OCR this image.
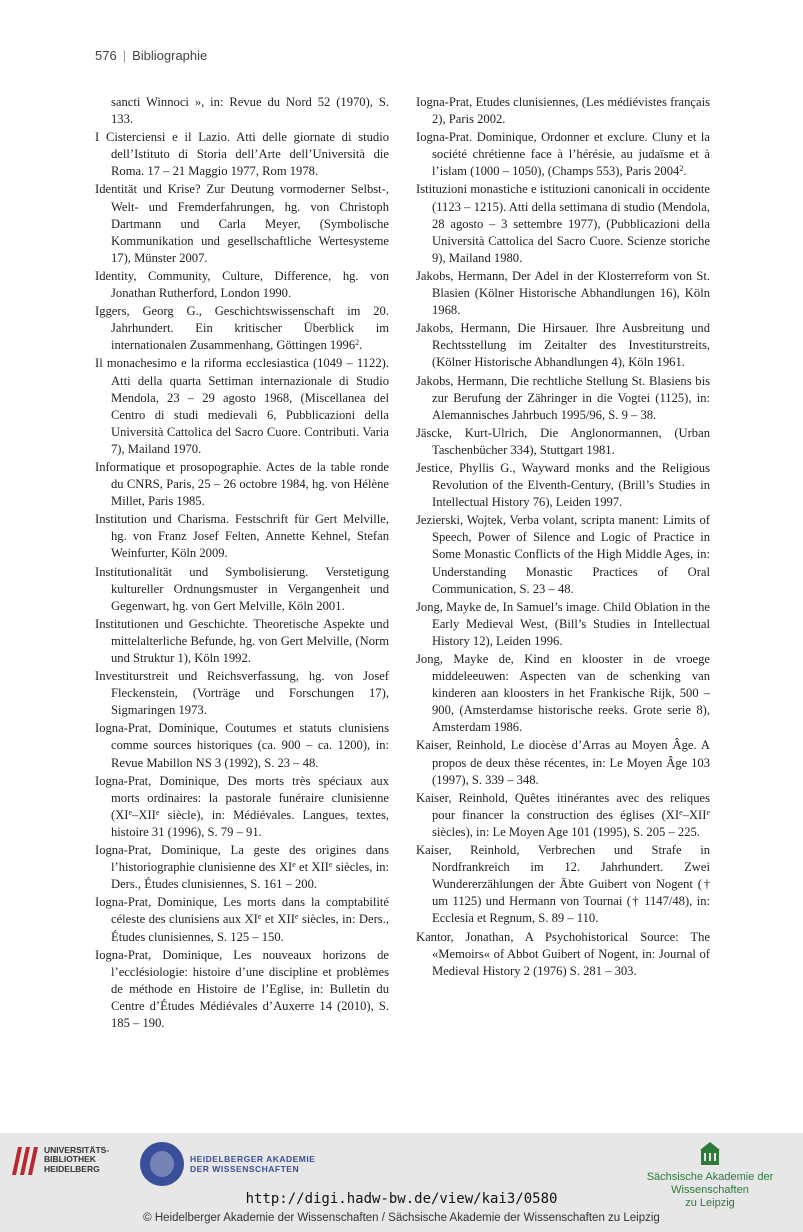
576 | Bibliographie

sancti Winnoci », in: Revue du Nord 52 (1970), S. 133.

I Cisterciensi e il Lazio. Atti delle giornate di studio dell’Istituto di Storia dell’Arte dell’Università die Roma. 17 – 21 Maggio 1977, Rom 1978.

Identität und Krise? Zur Deutung vormoderner Selbst-, Welt- und Fremderfahrungen, hg. von Christoph Dartmann und Carla Meyer, (Symbolische Kommunikation und gesellschaftliche Wertesysteme 17), Münster 2007.

Identity, Community, Culture, Difference, hg. von Jonathan Rutherford, London 1990.

Iggers, Georg G., Geschichtswissenschaft im 20. Jahrhundert. Ein kritischer Überblick im internationalen Zusammenhang, Göttingen 1996$^2$.

Il monachesimo e la riforma ecclesiastica (1049 – 1122). Atti della quarta Settiman internazionale di Studio Mendola, 23 – 29 agosto 1968, (Miscellanea del Centro di studi medievali 6, Pubblicazioni della Università Cattolica del Sacro Cuore. Contributi. Varia 7), Mailand 1970.

Informatique et prosopographie. Actes de la table ronde du CNRS, Paris, 25 – 26 octobre 1984, hg. von Hélène Millet, Paris 1985.

Institution und Charisma. Festschrift für Gert Melville, hg. von Franz Josef Felten, Annette Kehnel, Stefan Weinfurter, Köln 2009.

Institutionalität und Symbolisierung. Verstetigung kultureller Ordnungsmuster in Vergangenheit und Gegenwart, hg. von Gert Melville, Köln 2001.

Institutionen und Geschichte. Theoretische Aspekte und mittelalterliche Befunde, hg. von Gert Melville, (Norm und Struktur 1), Köln 1992.

Investiturstreit und Reichsverfassung, hg. von Josef Fleckenstein, (Vorträge und Forschungen 17), Sigmaringen 1973.

Iogna-Prat, Dominique, Coutumes et statuts clunisiens comme sources historiques (ca. 900 – ca. 1200), in: Revue Mabillon NS 3 (1992), S. 23 – 48.

Iogna-Prat, Dominique, Des morts très spéciaux aux morts ordinaires: la pastorale funéraire clunisienne (XIe–XIIe siècle), in: Médiévales. Langues, textes, histoire 31 (1996), S. 79 – 91.

Iogna-Prat, Dominique, La geste des origines dans l’historiographie clunisienne des XIe et XIIe siècles, in: Ders., Études clunisiennes, S. 161 – 200.

Iogna-Prat, Dominique, Les morts dans la comptabilité céleste des clunisiens aux XIe et XIIe siècles, in: Ders., Études clunisiennes, S. 125 – 150.

Iogna-Prat, Dominique, Les nouveaux horizons de l’ecclésiologie: histoire d’une discipline et problèmes de méthode en Histoire de l’Eglise, in: Bulletin du Centre d’Études Médiévales d’Auxerre 14 (2010), S. 185 – 190.

Iogna-Prat, Etudes clunisiennes, (Les médiévistes français 2), Paris 2002.

Iogna-Prat. Dominique, Ordonner et exclure. Cluny et la société chrétienne face à l’hérésie, au judaïsme et à l’islam (1000 – 1050), (Champs 553), Paris 2004$^2$.

Istituzioni monastiche e istituzioni canonicali in occidente (1123 – 1215). Atti della settimana di studio (Mendola, 28 agosto – 3 settembre 1977), (Pubblicazioni della Università Cattolica del Sacro Cuore. Scienze storiche 9), Mailand 1980.

Jakobs, Hermann, Der Adel in der Klosterreform von St. Blasien (Kölner Historische Abhandlungen 16), Köln 1968.

Jakobs, Hermann, Die Hirsauer. Ihre Ausbreitung und Rechtsstellung im Zeitalter des Investiturstreits, (Kölner Historische Abhandlungen 4), Köln 1961.

Jakobs, Hermann, Die rechtliche Stellung St. Blasiens bis zur Berufung der Zähringer in die Vogtei (1125), in: Alemannisches Jahrbuch 1995/96, S. 9 – 38.

Jäscke, Kurt-Ulrich, Die Anglonormannen, (Urban Taschenbücher 334), Stuttgart 1981.

Jestice, Phyllis G., Wayward monks and the Religious Revolution of the Elventh-Century, (Brill’s Studies in Intellectual History 76), Leiden 1997.

Jezierski, Wojtek, Verba volant, scripta manent: Limits of Speech, Power of Silence and Logic of Practice in Some Monastic Conflicts of the High Middle Ages, in: Understanding Monastic Practices of Oral Communication, S. 23 – 48.

Jong, Mayke de, In Samuel’s image. Child Oblation in the Early Medieval West, (Bill’s Studies in Intellectual History 12), Leiden 1996.

Jong, Mayke de, Kind en klooster in de vroege middeleeuwen: Aspecten van de schenking van kinderen aan kloosters in het Frankische Rijk, 500 – 900, (Amsterdamse historische reeks. Grote serie 8), Amsterdam 1986.

Kaiser, Reinhold, Le diocèse d’Arras au Moyen Âge. A propos de deux thèse récentes, in: Le Moyen Âge 103 (1997), S. 339 – 348.

Kaiser, Reinhold, Quêtes itinérantes avec des reliques pour financer la construction des églises (XIe–XIIe siècles), in: Le Moyen Age 101 (1995), S. 205 – 225.

Kaiser, Reinhold, Verbrechen und Strafe in Nordfrankreich im 12. Jahrhundert. Zwei Wundererzählungen der Äbte Guibert von Nogent († um 1125) und Hermann von Tournai († 1147/48), in: Ecclesia et Regnum, S. 89 – 110.

Kantor, Jonathan, A Psychohistorical Source: The «Memoirs« of Abbot Guibert of Nogent, in: Journal of Medieval History 2 (1976) S. 281 – 303.

UNIVERSITÄTS-
BIBLIOTHEK
HEIDELBERG
HEIDELBERGER AKADEMIE
DER WISSENSCHAFTEN
Sächsische Akademie der Wissenschaften
zu Leipzig
http://digi.hadw-bw.de/view/kai3/0580
© Heidelberger Akademie der Wissenschaften / Sächsische Akademie der Wissenschaften zu Leipzig
